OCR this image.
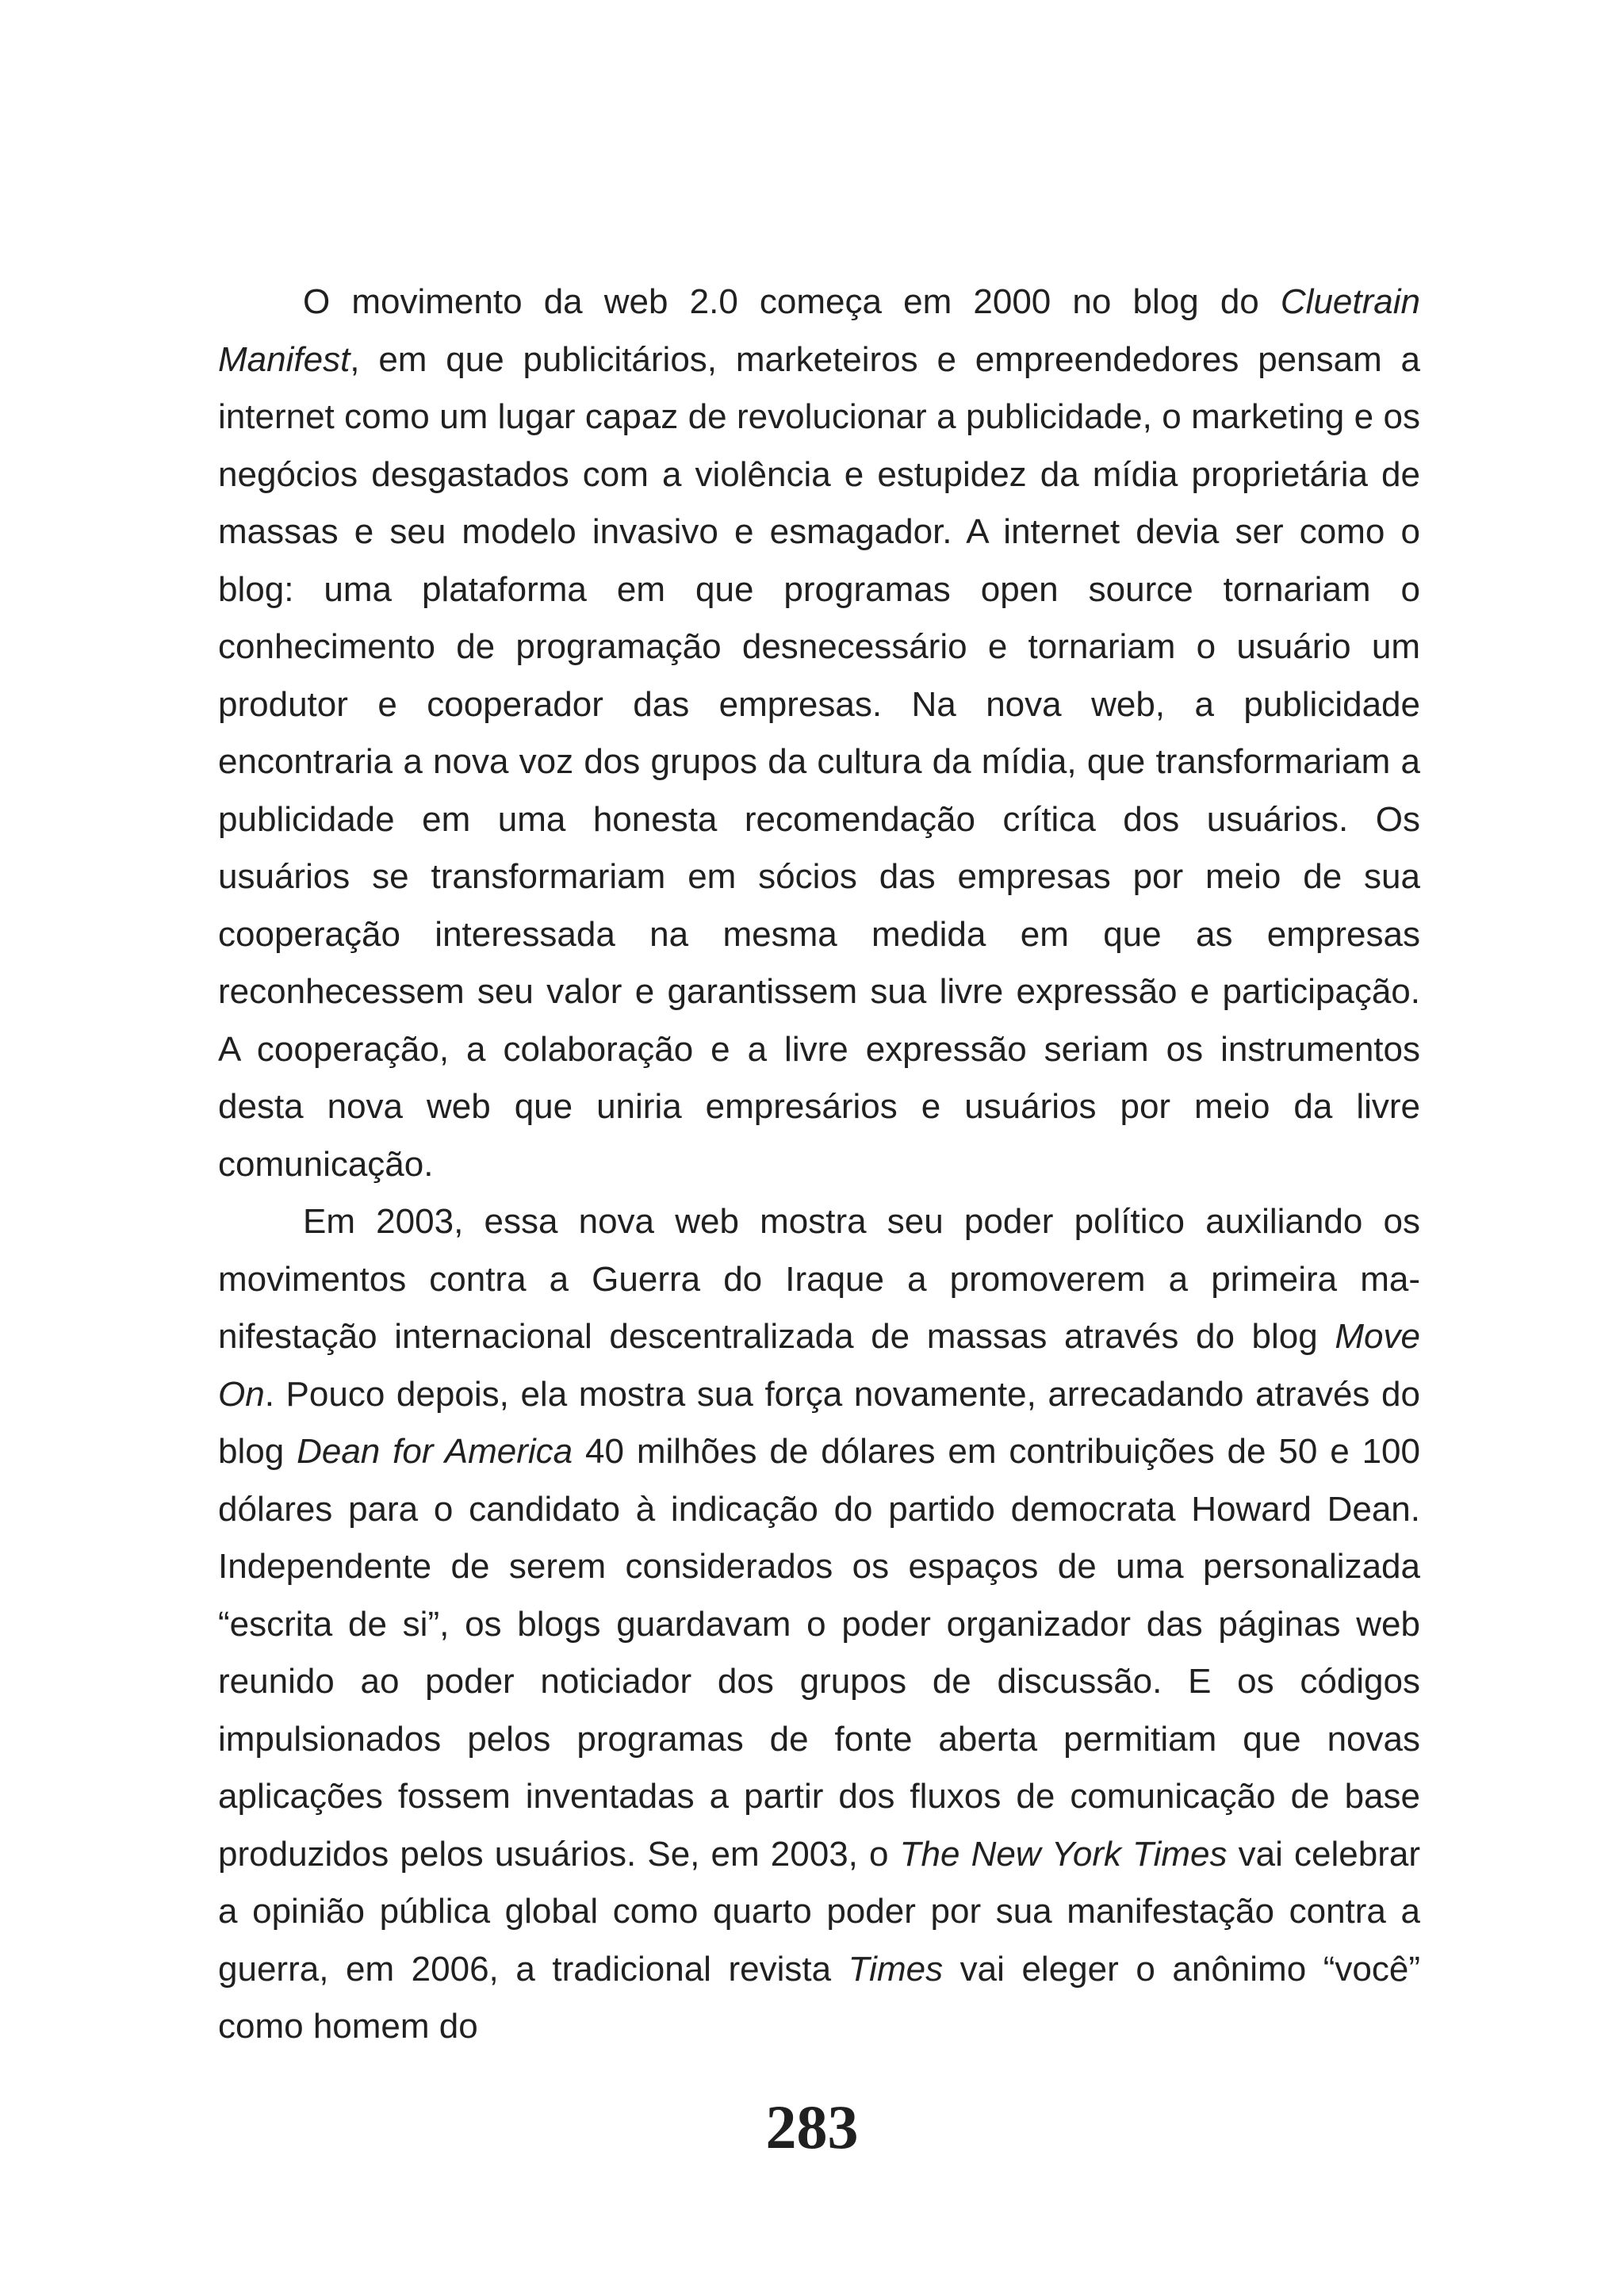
O movimento da web 2.0 começa em 2000 no blog do Cluetrain Manifest, em que publicitários, marketeiros e empreendedores pensam a internet como um lugar capaz de revolucionar a publicidade, o marketing e os negócios desgastados com a violência e estupidez da mídia proprietária de massas e seu modelo invasivo e esmagador. A internet devia ser como o blog: uma plataforma em que programas open source tornariam o conhecimento de programação desnecessário e tornariam o usuário um produtor e cooperador das empresas. Na nova web, a publicidade encontraria a nova voz dos grupos da cultura da mídia, que transformariam a publicidade em uma honesta recomendação crítica dos usuários. Os usuários se transformariam em sócios das empresas por meio de sua cooperação interessada na mesma medida em que as empresas reconhecessem seu valor e garantissem sua livre expressão e participação. A cooperação, a colaboração e a livre expressão seriam os instrumentos desta nova web que uniria empresários e usuários por meio da livre comunicação.

Em 2003, essa nova web mostra seu poder político auxiliando os movimentos contra a Guerra do Iraque a promoverem a primeira manifestação internacional descentralizada de massas através do blog Move On. Pouco depois, ela mostra sua força novamente, arrecadando através do blog Dean for America 40 milhões de dólares em contribuições de 50 e 100 dólares para o candidato à indicação do partido democrata Howard Dean. Independente de serem considerados os espaços de uma personalizada “escrita de si”, os blogs guardavam o poder organizador das páginas web reunido ao poder noticiador dos grupos de discussão. E os códigos impulsionados pelos programas de fonte aberta permitiam que novas aplicações fossem inventadas a partir dos fluxos de comunicação de base produzidos pelos usuários. Se, em 2003, o The New York Times vai celebrar a opinião pública global como quarto poder por sua manifestação contra a guerra, em 2006, a tradicional revista Times vai eleger o anônimo “você” como homem do

283
